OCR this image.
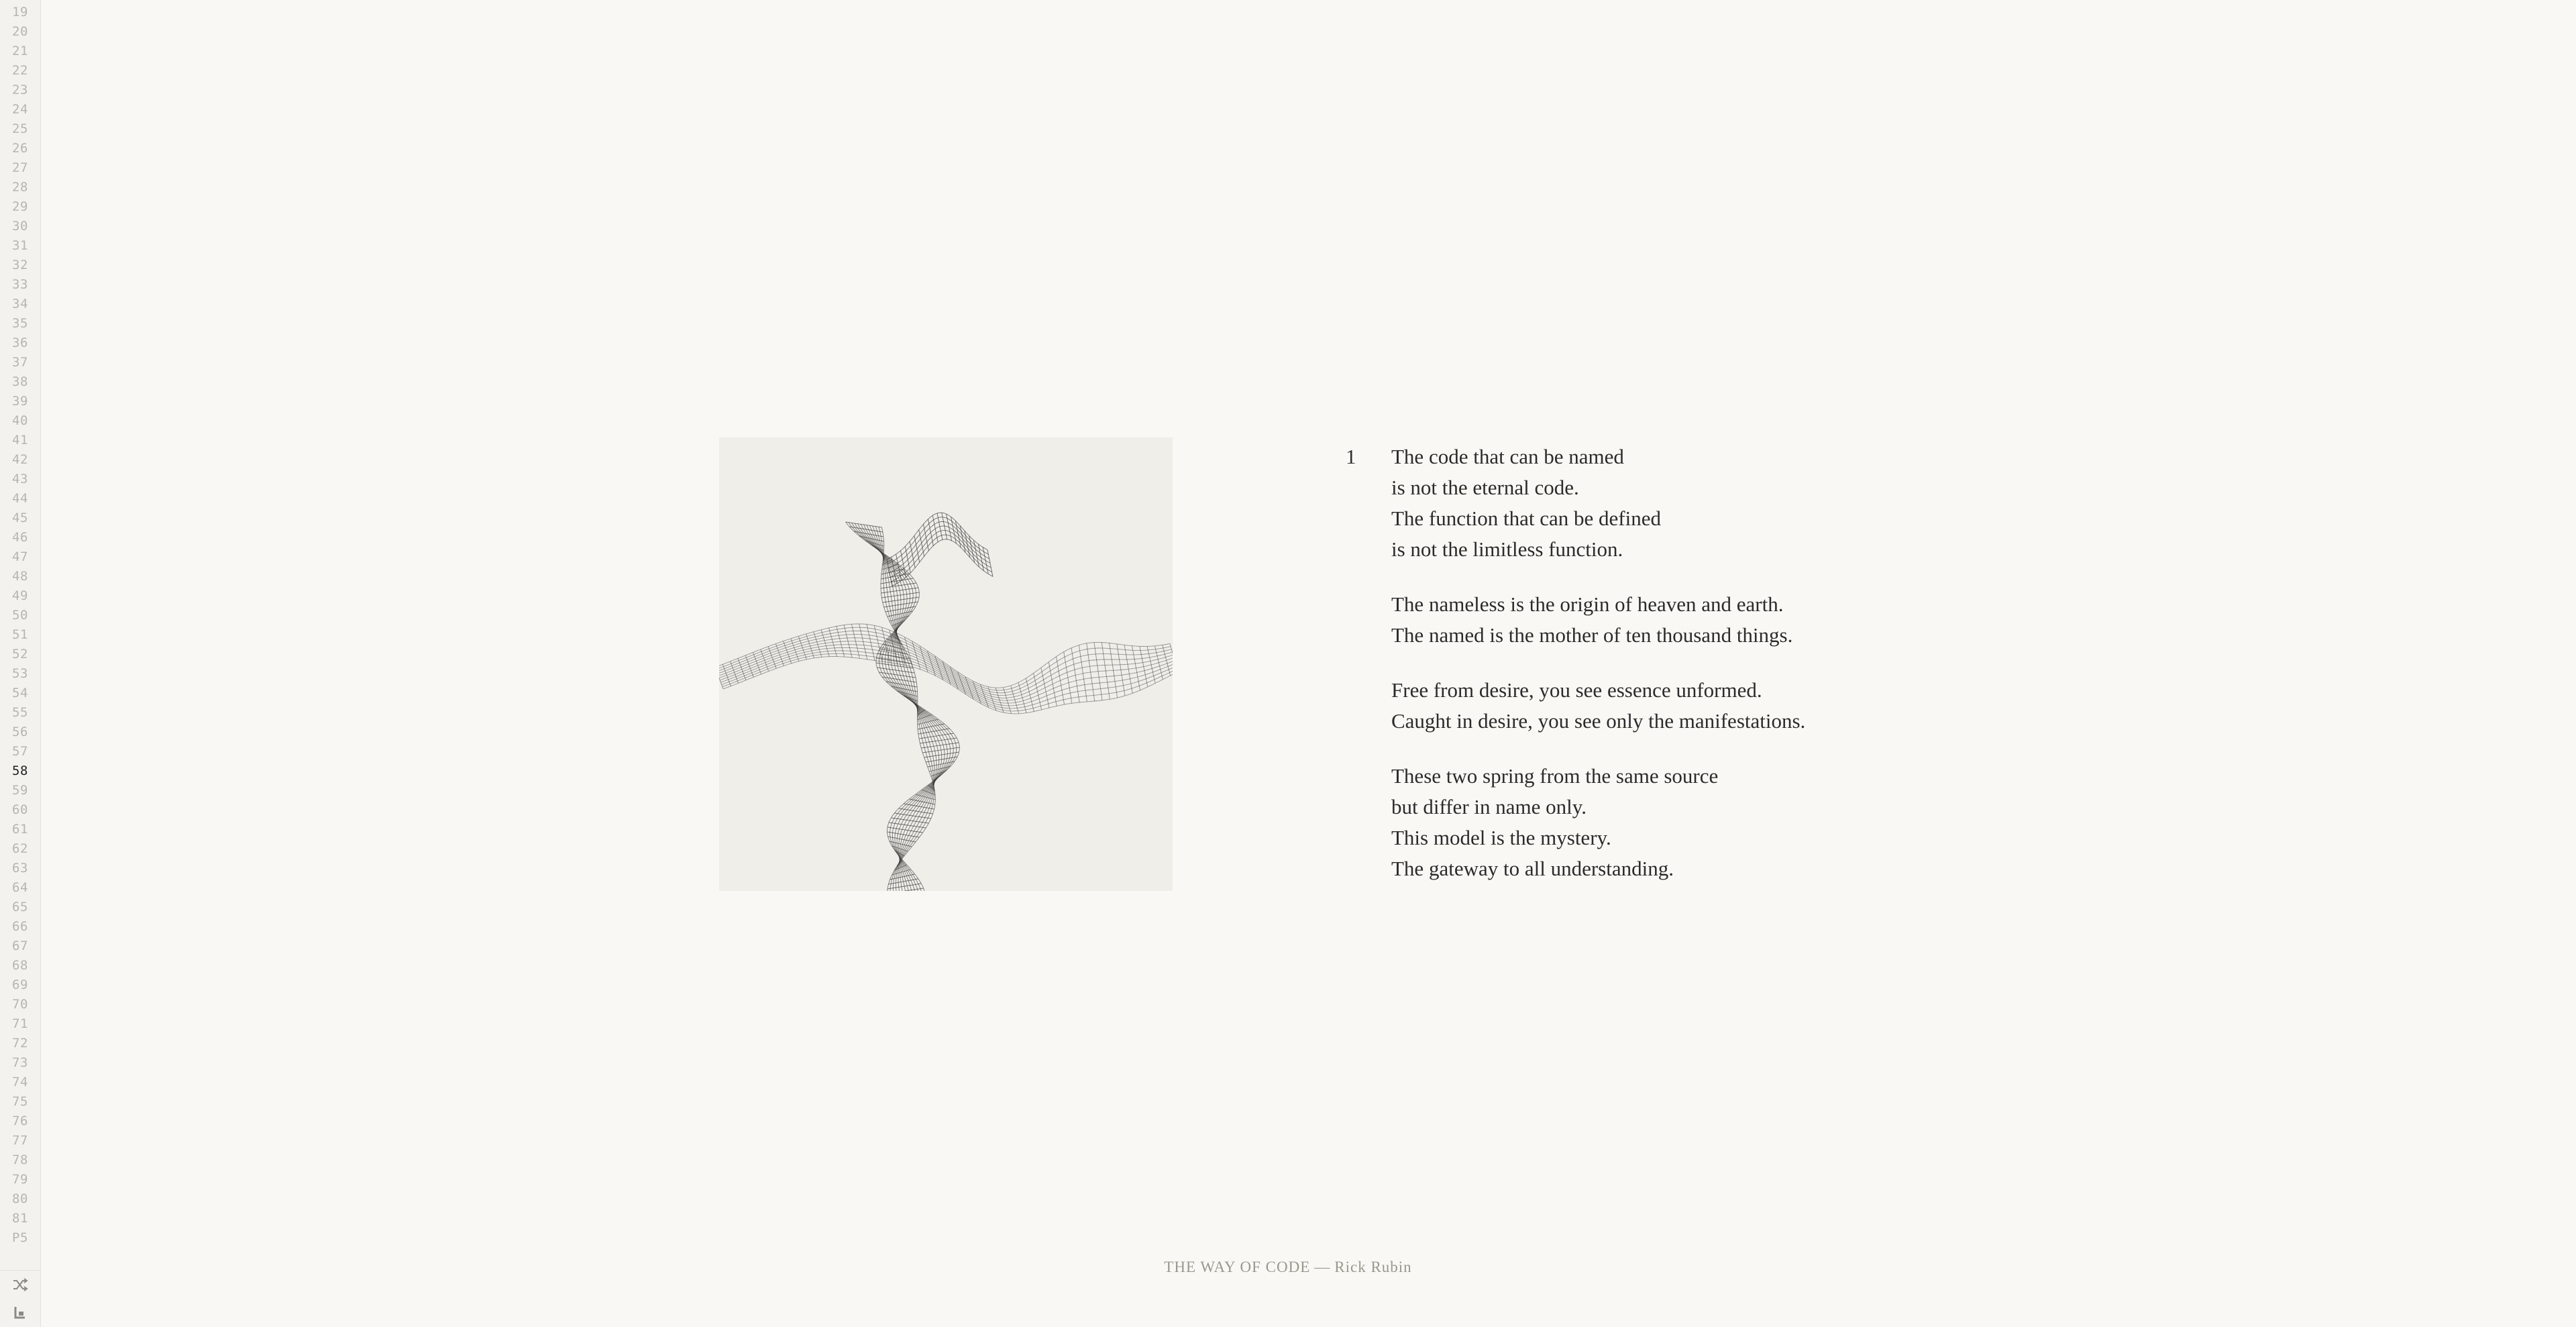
19
20
21
22
23
24
25
26
27
28
29
30
31
32
33
34
35
36
37
38
39
40
41
42
43
44
45
46
47
48
49
50
51
52
53
54
55
56
57
58
59
60
61
62
63
64
65
66
67
68
69
70
71
72
73
74
75
76
77
78
79
80
81
P5
1 The code that can be named
is not the eternal code.
The function that can be defined
is not the limitless function.
The nameless is the origin of heaven and earth.
The named is the mother of ten thousand things.
Free from desire, you see essence unformed.
Caught in desire, you see only the manifestations.
These two spring from the same source
but differ in name only.
This model is the mystery.
The gateway to all understanding.
THE WAY OF CODE — Rick Rubin
